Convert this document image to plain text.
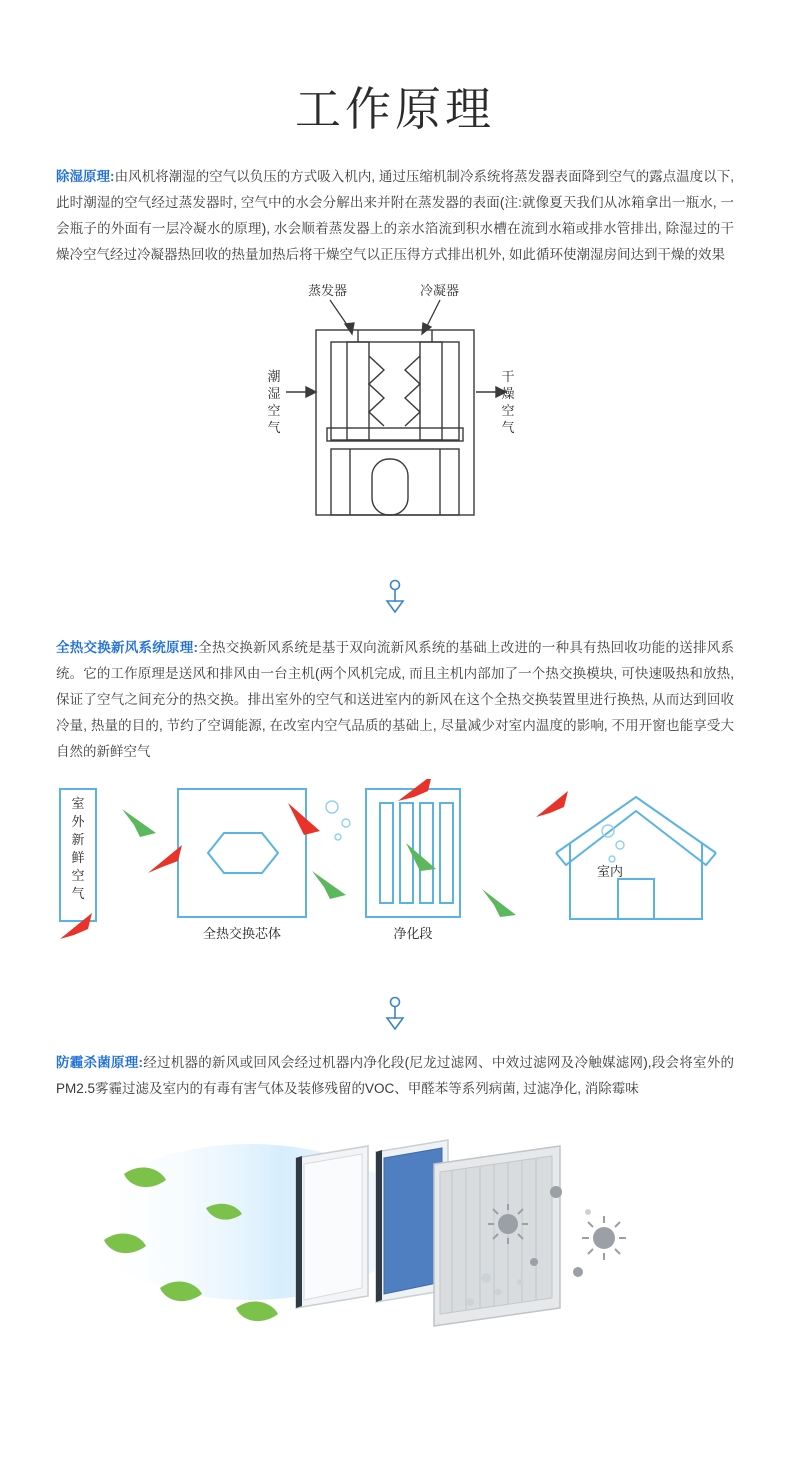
工作原理

除湿原理:由风机将潮湿的空气以负压的方式吸入机内, 通过压缩机制冷系统将蒸发器表面降到空气的露点温度以下, 此时潮湿的空气经过蒸发器时, 空气中的水会分解出来并附在蒸发器的表面(注:就像夏天我们从冰箱拿出一瓶水, 一会瓶子的外面有一层冷凝水的原理), 水会顺着蒸发器上的亲水箔流到积水槽在流到水箱或排水管排出, 除湿过的干燥冷空气经过冷凝器热回收的热量加热后将干燥空气以正压得方式排出机外, 如此循环使潮湿房间达到干燥的效果

蒸发器	冷凝器
潮湿空气
干燥空气

全热交换新风系统原理:全热交换新风系统是基于双向流新风系统的基础上改进的一种具有热回收功能的送排风系统。它的工作原理是送风和排风由一台主机(两个风机完成, 而且主机内部加了一个热交换模块, 可快速吸热和放热, 保证了空气之间充分的热交换。排出室外的空气和送进室内的新风在这个全热交换装置里进行换热, 从而达到回收冷量, 热量的目的, 节约了空调能源, 在改室内空气品质的基础上, 尽量减少对室内温度的影响, 不用开窗也能享受大自然的新鲜空气

室外新鲜空气
全热交换芯体	净化段
室内

防霾杀菌原理:经过机器的新风或回风会经过机器内净化段(尼龙过滤网、中效过滤网及冷触媒滤网),段会将室外的PM2.5雾霾过滤及室内的有毒有害气体及装修残留的VOC、甲醛苯等系列病菌, 过滤净化, 消除霉味
